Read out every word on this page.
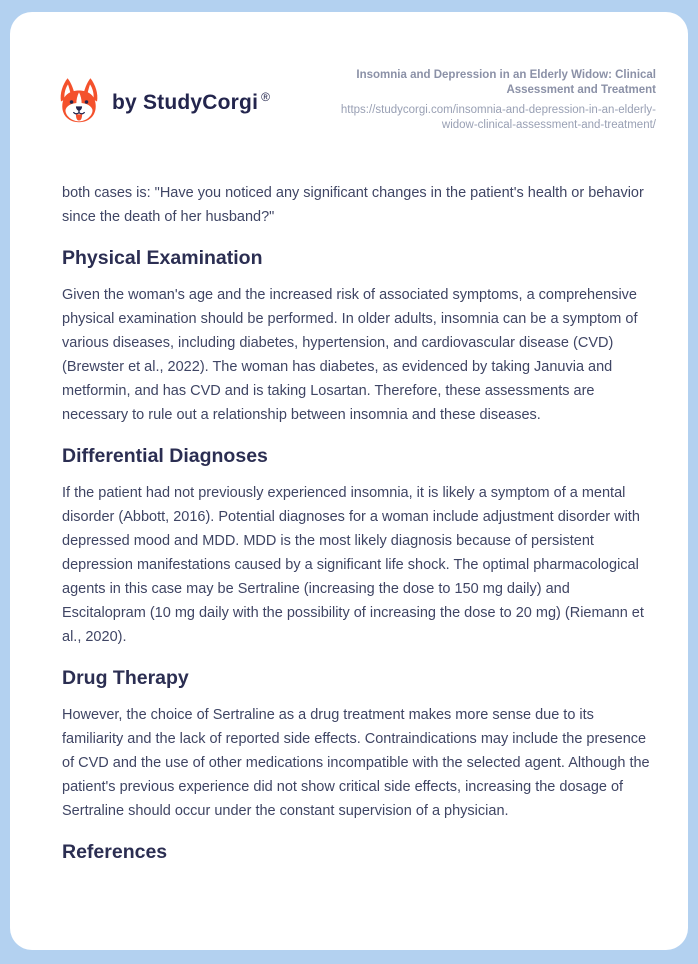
by StudyCorgi ®
Insomnia and Depression in an Elderly Widow: Clinical Assessment and Treatment
https://studycorgi.com/insomnia-and-depression-in-an-elderly-widow-clinical-assessment-and-treatment/

both cases is: "Have you noticed any significant changes in the patient's health or behavior since the death of her husband?"

Physical Examination

Given the woman's age and the increased risk of associated symptoms, a comprehensive physical examination should be performed. In older adults, insomnia can be a symptom of various diseases, including diabetes, hypertension, and cardiovascular disease (CVD) (Brewster et al., 2022). The woman has diabetes, as evidenced by taking Januvia and metformin, and has CVD and is taking Losartan. Therefore, these assessments are necessary to rule out a relationship between insomnia and these diseases.

Differential Diagnoses

If the patient had not previously experienced insomnia, it is likely a symptom of a mental disorder (Abbott, 2016). Potential diagnoses for a woman include adjustment disorder with depressed mood and MDD. MDD is the most likely diagnosis because of persistent depression manifestations caused by a significant life shock. The optimal pharmacological agents in this case may be Sertraline (increasing the dose to 150 mg daily) and Escitalopram (10 mg daily with the possibility of increasing the dose to 20 mg) (Riemann et al., 2020).

Drug Therapy

However, the choice of Sertraline as a drug treatment makes more sense due to its familiarity and the lack of reported side effects. Contraindications may include the presence of CVD and the use of other medications incompatible with the selected agent. Although the patient's previous experience did not show critical side effects, increasing the dosage of Sertraline should occur under the constant supervision of a physician.

References
